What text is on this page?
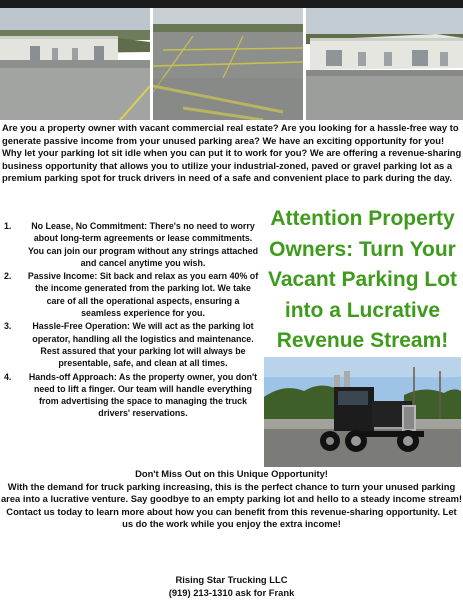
Are you a property owner with vacant commercial real estate? Are you looking for a hassle-free way to generate passive income from your unused parking area? We have an exciting opportunity for you!

Why let your parking lot sit idle when you can put it to work for you? We are offering a revenue-sharing business opportunity that allows you to utilize your industrial-zoned, paved or gravel parking lot as a premium parking spot for truck drivers in need of a safe and convenient place to park during the day.

1. No Lease, No Commitment: There's no need to worry about long-term agreements or lease commitments. You can join our program without any strings attached and cancel anytime you wish.
2. Passive Income: Sit back and relax as you earn 40% of the income generated from the parking lot. We take care of all the operational aspects, ensuring a seamless experience for you.
3. Hassle-Free Operation: We will act as the parking lot operator, handling all the logistics and maintenance. Rest assured that your parking lot will always be presentable, safe, and clean at all times.
4. Hands-off Approach: As the property owner, you don't need to lift a finger. Our team will handle everything from advertising the space to managing the truck drivers' reservations.
Attention Property
Owners: Turn Your
Vacant Parking Lot
into a Lucrative
Revenue Stream!

Don't Miss Out on this Unique Opportunity!

With the demand for truck parking increasing, this is the perfect chance to turn your unused parking area into a lucrative venture. Say goodbye to an empty parking lot and hello to a steady income stream!

Contact us today to learn more about how you can benefit from this revenue-sharing opportunity. Let us do the work while you enjoy the extra income!

Rising Star Trucking LLC
(919) 213-1310 ask for Frank
